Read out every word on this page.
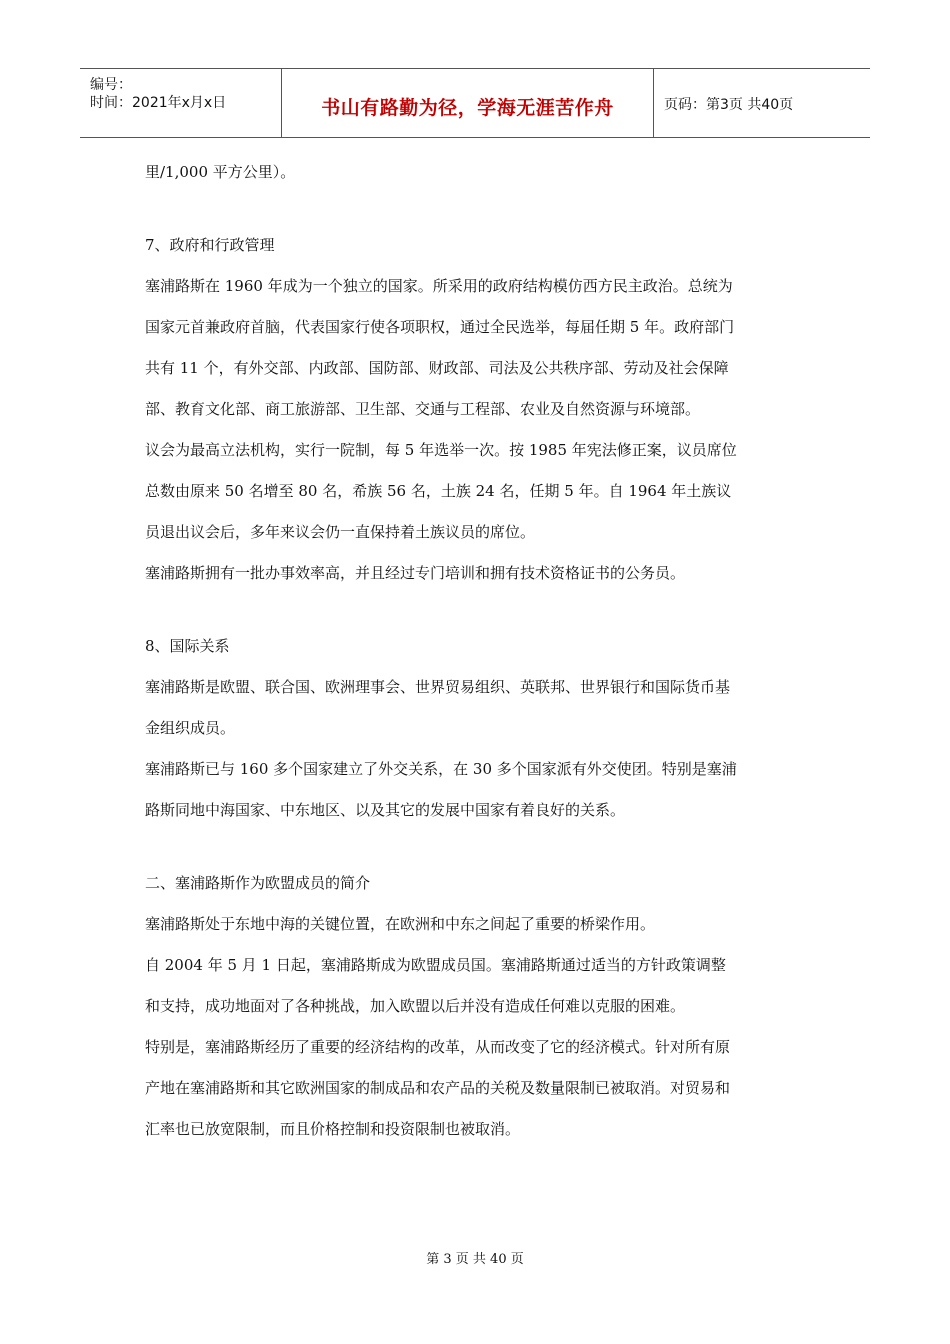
编号：
时间：2021年x月x日	书山有路勤为径，学海无涯苦作舟	页码：第3页 共40页
里/1,000 平方公里）。
7、政府和行政管理
塞浦路斯在 1960 年成为一个独立的国家。所采用的政府结构模仿西方民主政治。总统为
国家元首兼政府首脑，代表国家行使各项职权，通过全民选举，每届任期 5 年。政府部门
共有 11 个，有外交部、内政部、国防部、财政部、司法及公共秩序部、劳动及社会保障
部、教育文化部、商工旅游部、卫生部、交通与工程部、农业及自然资源与环境部。
议会为最高立法机构，实行一院制，每 5 年选举一次。按 1985 年宪法修正案，议员席位
总数由原来 50 名增至 80 名，希族 56 名，土族 24 名，任期 5 年。自 1964 年土族议
员退出议会后，多年来议会仍一直保持着土族议员的席位。
塞浦路斯拥有一批办事效率高，并且经过专门培训和拥有技术资格证书的公务员。
8、国际关系
塞浦路斯是欧盟、联合国、欧洲理事会、世界贸易组织、英联邦、世界银行和国际货币基
金组织成员。
塞浦路斯已与 160 多个国家建立了外交关系，在 30 多个国家派有外交使团。特别是塞浦
路斯同地中海国家、中东地区、以及其它的发展中国家有着良好的关系。
二、塞浦路斯作为欧盟成员的简介
塞浦路斯处于东地中海的关键位置，在欧洲和中东之间起了重要的桥梁作用。
自 2004 年 5 月 1 日起，塞浦路斯成为欧盟成员国。塞浦路斯通过适当的方针政策调整
和支持，成功地面对了各种挑战，加入欧盟以后并没有造成任何难以克服的困难。
特别是，塞浦路斯经历了重要的经济结构的改革，从而改变了它的经济模式。针对所有原
产地在塞浦路斯和其它欧洲国家的制成品和农产品的关税及数量限制已被取消。对贸易和
汇率也已放宽限制，而且价格控制和投资限制也被取消。
第 3 页 共 40 页
